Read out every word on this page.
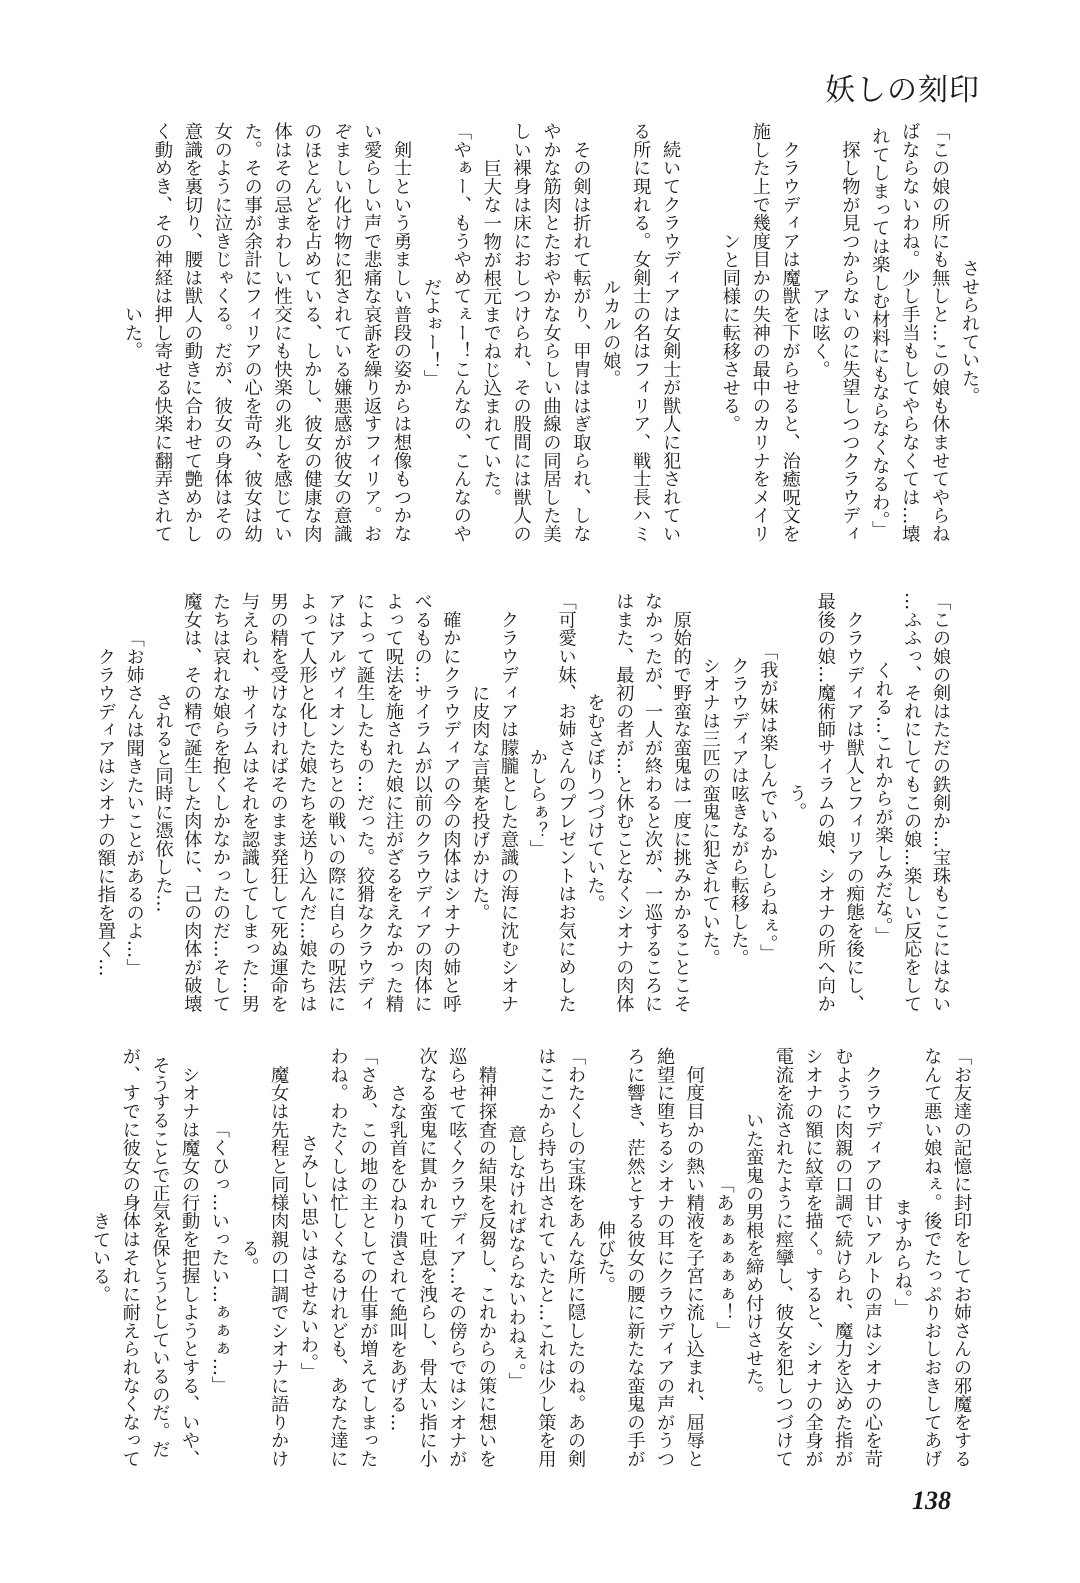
妖しの刻印
させられていた。
「この娘の所にも無しと…この娘も休ませてやらね
ばならないわね。少し手当もしてやらなくては…壊
れてしまっては楽しむ材料にもならなくなるわ。」
　探し物が見つからないのに失望しつつクラウディ
アは呟く。
　クラウディアは魔獣を下がらせると、治癒呪文を
施した上で幾度目かの失神の最中のカリナをメイリ
ンと同様に転移させる。
　続いてクラウディアは女剣士が獣人に犯されてい
る所に現れる。女剣士の名はフィリア、戦士長ハミ
ルカルの娘。
　その剣は折れて転がり、甲冑ははぎ取られ、しな
やかな筋肉とたおやかな女らしい曲線の同居した美
しい裸身は床におしつけられ、その股間には獣人の
巨大な一物が根元までねじ込まれていた。
「やぁー、もうやめてぇー！こんなの、こんなのや
だよぉー！」
　剣士という勇ましい普段の姿からは想像もつかな
い愛らしい声で悲痛な哀訴を繰り返すフィリア。お
ぞましい化け物に犯されている嫌悪感が彼女の意識
のほとんどを占めている、しかし、彼女の健康な肉
体はその忌まわしい性交にも快楽の兆しを感じてい
た。その事が余計にフィリアの心を苛み、彼女は幼
女のように泣きじゃくる。だが、彼女の身体はその
意識を裏切り、腰は獣人の動きに合わせて艶めかし
く動めき、その神経は押し寄せる快楽に翻弄されて
いた。
「この娘の剣はただの鉄剣か…宝珠もここにはない
…ふふっ、それにしてもこの娘…楽しい反応をして
くれる…これからが楽しみだな。」
　クラウディアは獣人とフィリアの痴態を後にし、
最後の娘…魔術師サイラムの娘、シオナの所へ向か
う。
「我が妹は楽しんでいるかしらねぇ。」
　クラウディアは呟きながら転移した。
　シオナは三匹の蛮鬼に犯されていた。
　原始的で野蛮な蛮鬼は一度に挑みかかることこそ
なかったが、一人が終わると次が、一巡するころに
はまた、最初の者が…と休むことなくシオナの肉体
をむさぼりつづけていた。
「可愛い妹、お姉さんのプレゼントはお気にめした
かしらぁ？」
　クラウディアは朦朧とした意識の海に沈むシオナ
に皮肉な言葉を投げかけた。
　確かにクラウディアの今の肉体はシオナの姉と呼
べるもの…サイラムが以前のクラウディアの肉体に
よって呪法を施された娘に注がざるをえなかった精
によって誕生したもの…だった。狡猾なクラウディ
アはアルヴィオンたちとの戦いの際に自らの呪法に
よって人形と化した娘たちを送り込んだ…娘たちは
男の精を受けなければそのまま発狂して死ぬ運命を
与えられ、サイラムはそれを認識してしまった…男
たちは哀れな娘らを抱くしかなかったのだ…そして
魔女は、その精で誕生した肉体に、己の肉体が破壊
されると同時に憑依した…
「お姉さんは聞きたいことがあるのよ…」
　クラウディアはシオナの額に指を置く…
「お友達の記憶に封印をしてお姉さんの邪魔をする
なんて悪い娘ねぇ。後でたっぷりおしおきしてあげ
ますからね。」
　クラウディアの甘いアルトの声はシオナの心を苛
むように肉親の口調で続けられ、魔力を込めた指が
シオナの額に紋章を描く。すると、シオナの全身が
電流を流されたように痙攣し、彼女を犯しつづけて
いた蛮鬼の男根を締め付けさせた。
「あぁぁぁぁぁ！」
　何度目かの熱い精液を子宮に流し込まれ、屈辱と
絶望に堕ちるシオナの耳にクラウディアの声がうつ
ろに響き、茫然とする彼女の腰に新たな蛮鬼の手が
伸びた。
「わたくしの宝珠をあんな所に隠したのね。あの剣
はここから持ち出されていたと…これは少し策を用
意しなければならないわねぇ。」
　精神探査の結果を反芻し、これからの策に想いを
巡らせて呟くクラウディア…その傍らではシオナが
次なる蛮鬼に貫かれて吐息を洩らし、骨太い指に小
さな乳首をひねり潰されて絶叫をあげる…
「さあ、この地の主としての仕事が増えてしまった
わね。わたくしは忙しくなるけれども、あなた達に
さみしい思いはさせないわ。」
　魔女は先程と同様肉親の口調でシオナに語りかけ
る。
「くひっ…いったい…ぁぁぁ…」
　シオナは魔女の行動を把握しようとする、いや、
そうすることで正気を保とうとしているのだ。だ
が、すでに彼女の身体はそれに耐えられなくなって
きている。
138
